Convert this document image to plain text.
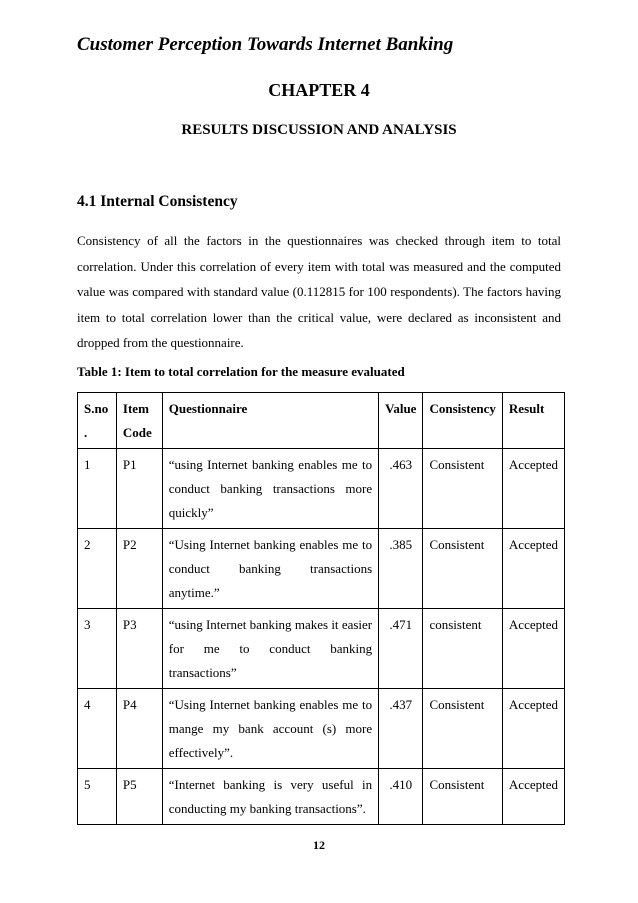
Customer Perception Towards Internet Banking
CHAPTER 4
RESULTS DISCUSSION AND ANALYSIS
4.1 Internal Consistency

Consistency of all the factors in the questionnaires was checked through item to total correlation. Under this correlation of every item with total was measured and the computed value was compared with standard value (0.112815 for 100 respondents). The factors having item to total correlation lower than the critical value, were declared as inconsistent and dropped from the questionnaire.

Table 1: Item to total correlation for the measure evaluated
S.no .	Item Code	Questionnaire	Value	Consistency	Result
1	P1	“using Internet banking enables me to conduct banking transactions more quickly”	.463	Consistent	Accepted
2	P2	“Using Internet banking enables me to conduct banking transactions anytime.”	.385	Consistent	Accepted
3	P3	“using Internet banking makes it easier for me to conduct banking transactions”	.471	consistent	Accepted
4	P4	“Using Internet banking enables me to mange my bank account (s) more effectively”.	.437	Consistent	Accepted
5	P5	“Internet banking is very useful in conducting my banking transactions”.	.410	Consistent	Accepted
12
